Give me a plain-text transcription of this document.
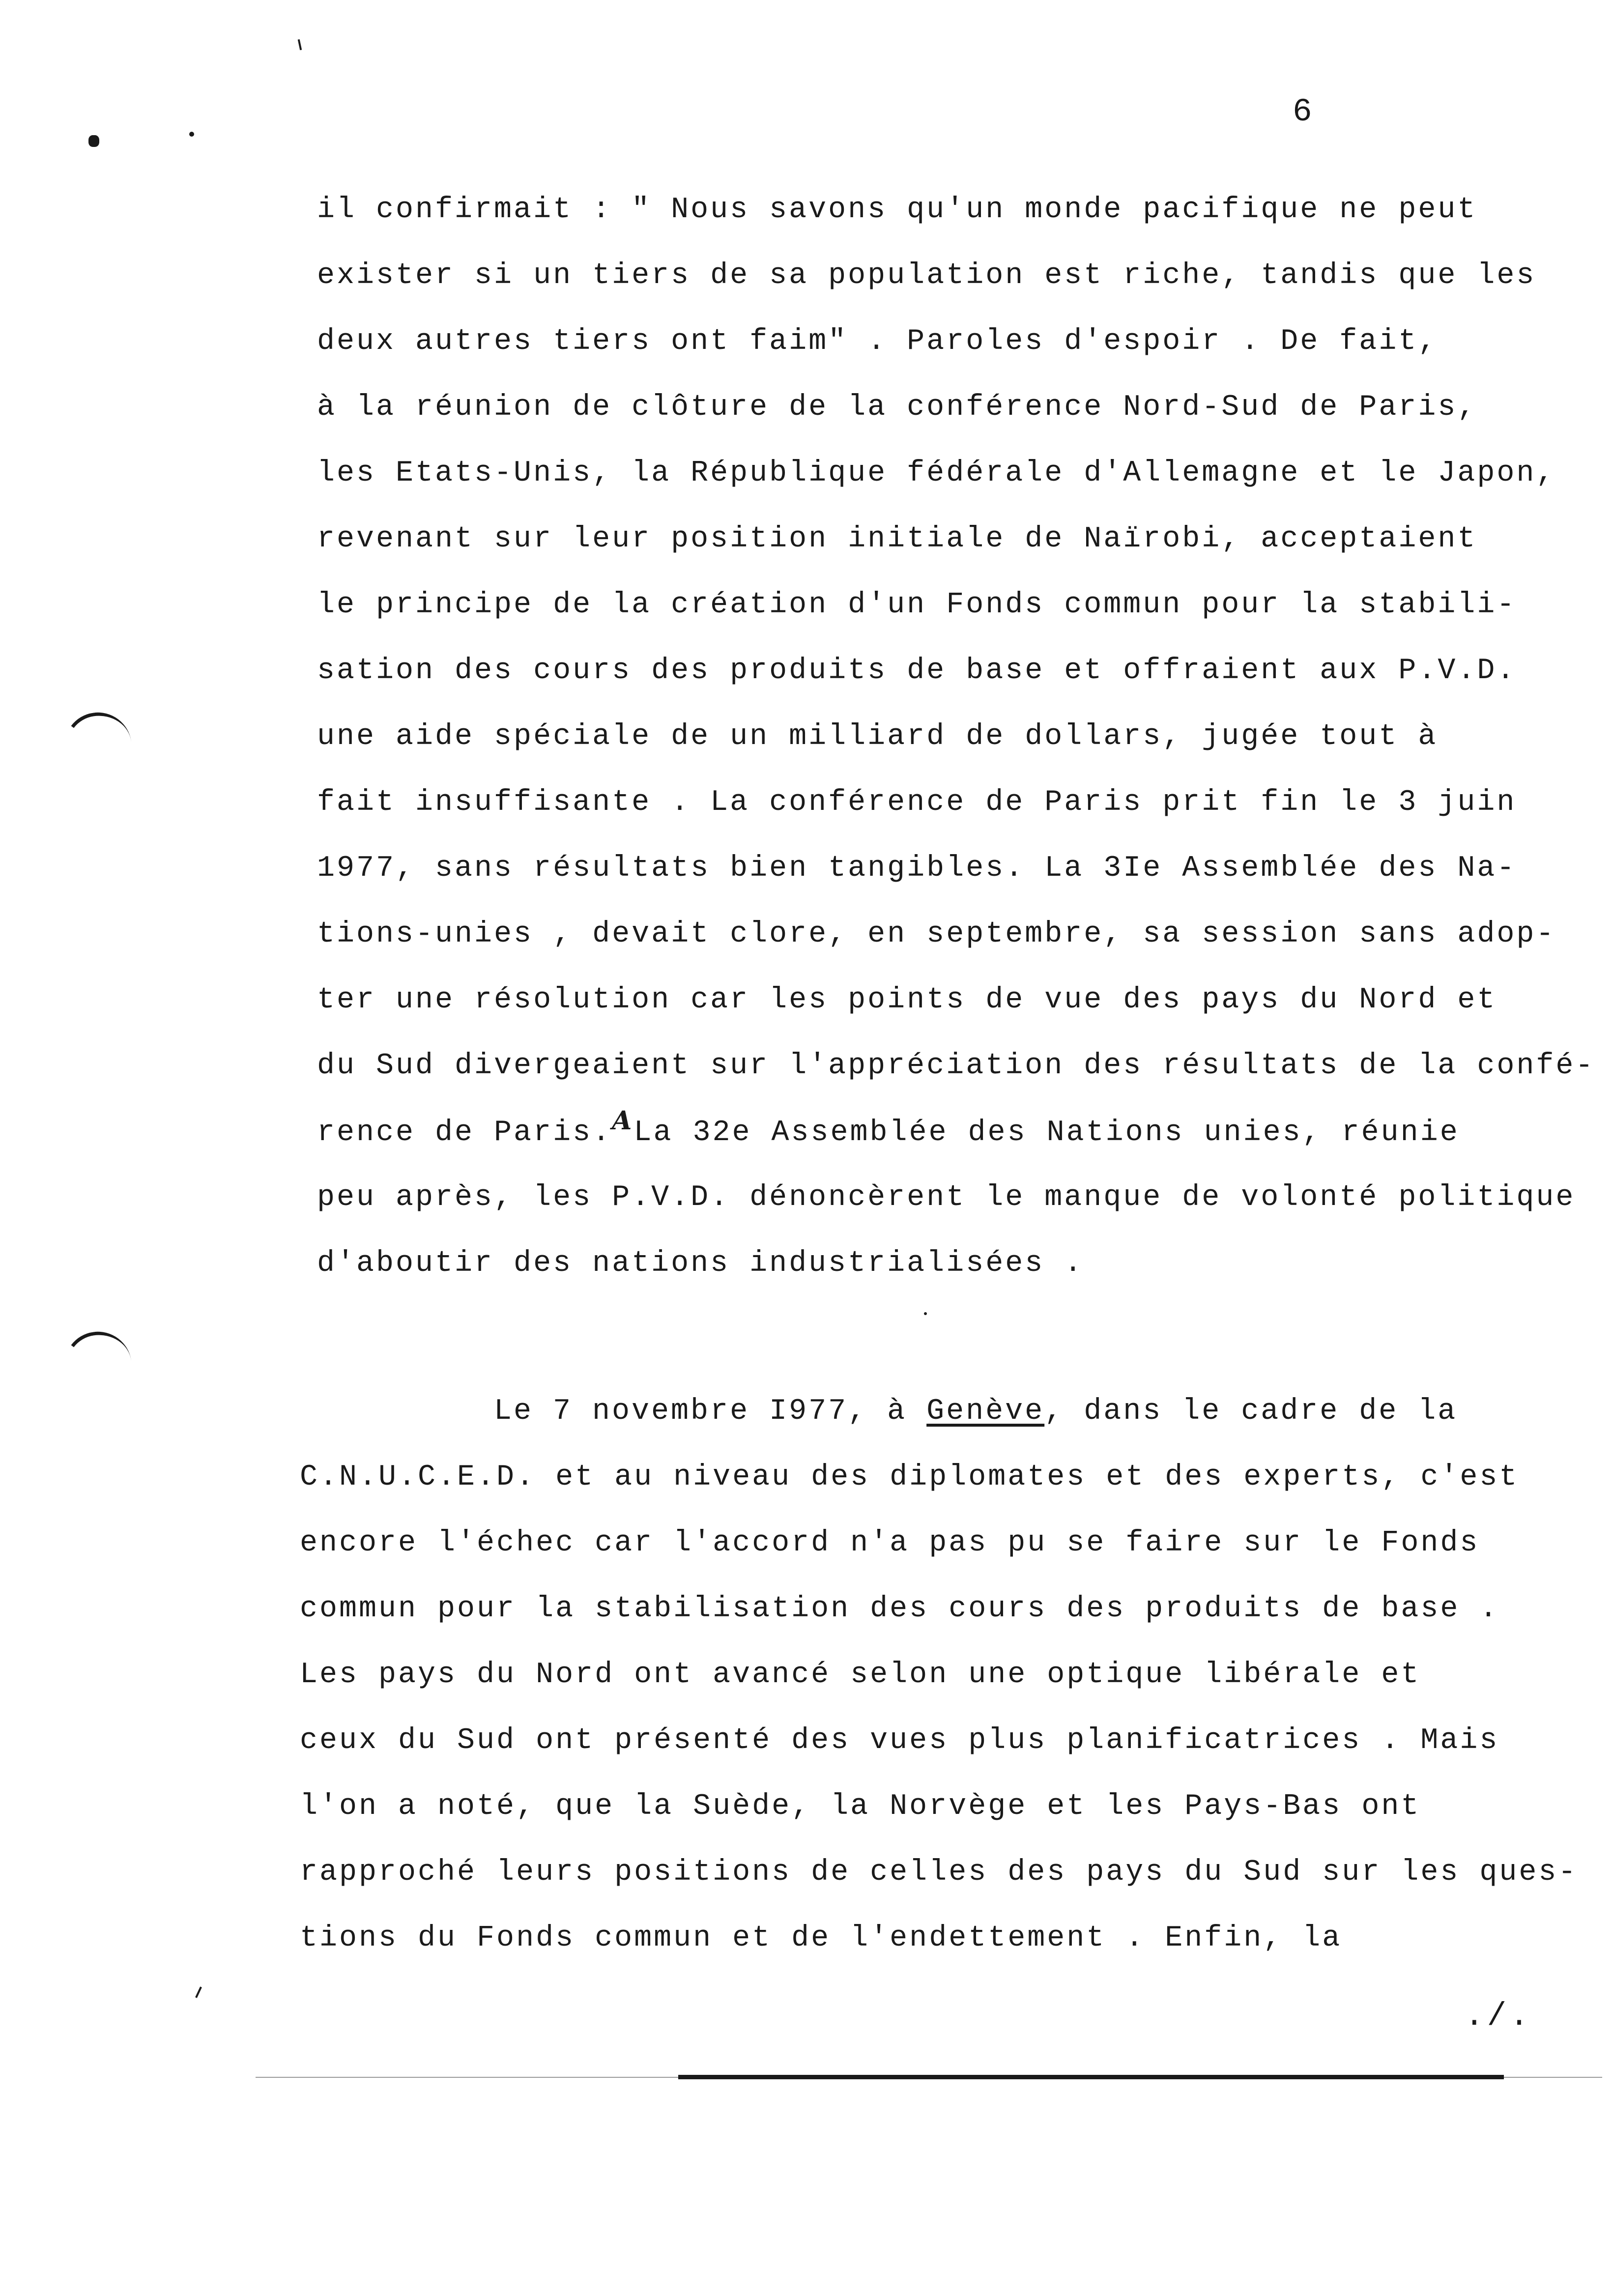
6
il confirmait : " Nous savons qu'un monde pacifique ne peut
exister si un tiers de sa population est riche, tandis que les
deux autres tiers ont faim" . Paroles d'espoir . De fait,
à la réunion de clôture de la conférence Nord-Sud de Paris,
les Etats-Unis, la République fédérale d'Allemagne et le Japon,
revenant sur leur position initiale de Naïrobi, acceptaient
le principe de la création d'un Fonds commun pour la stabili-
sation des cours des produits de base et offraient aux P.V.D.
une aide spéciale de un milliard de dollars, jugée tout à
fait insuffisante . La conférence de Paris prit fin le 3 juin
1977, sans résultats bien tangibles. La 3Ie Assemblée des Na-
tions-unies , devait clore, en septembre, sa session sans adop-
ter une résolution car les points de vue des pays du Nord et
du Sud divergeaient sur l'appréciation des résultats de la confé-
rence de Paris.ALa 32e Assemblée des Nations unies, réunie
peu après, les P.V.D. dénoncèrent le manque de volonté politique
d'aboutir des nations industrialisées .
Le 7 novembre I977, à Genève, dans le cadre de la
C.N.U.C.E.D. et au niveau des diplomates et des experts, c'est
encore l'échec car l'accord n'a pas pu se faire sur le Fonds
commun pour la stabilisation des cours des produits de base .
Les pays du Nord ont avancé selon une optique libérale et
ceux du Sud ont présenté des vues plus planificatrices . Mais
l'on a noté, que la Suède, la Norvège et les Pays-Bas ont
rapproché leurs positions de celles des pays du Sud sur les ques-
tions du Fonds commun et de l'endettement . Enfin, la
./.
